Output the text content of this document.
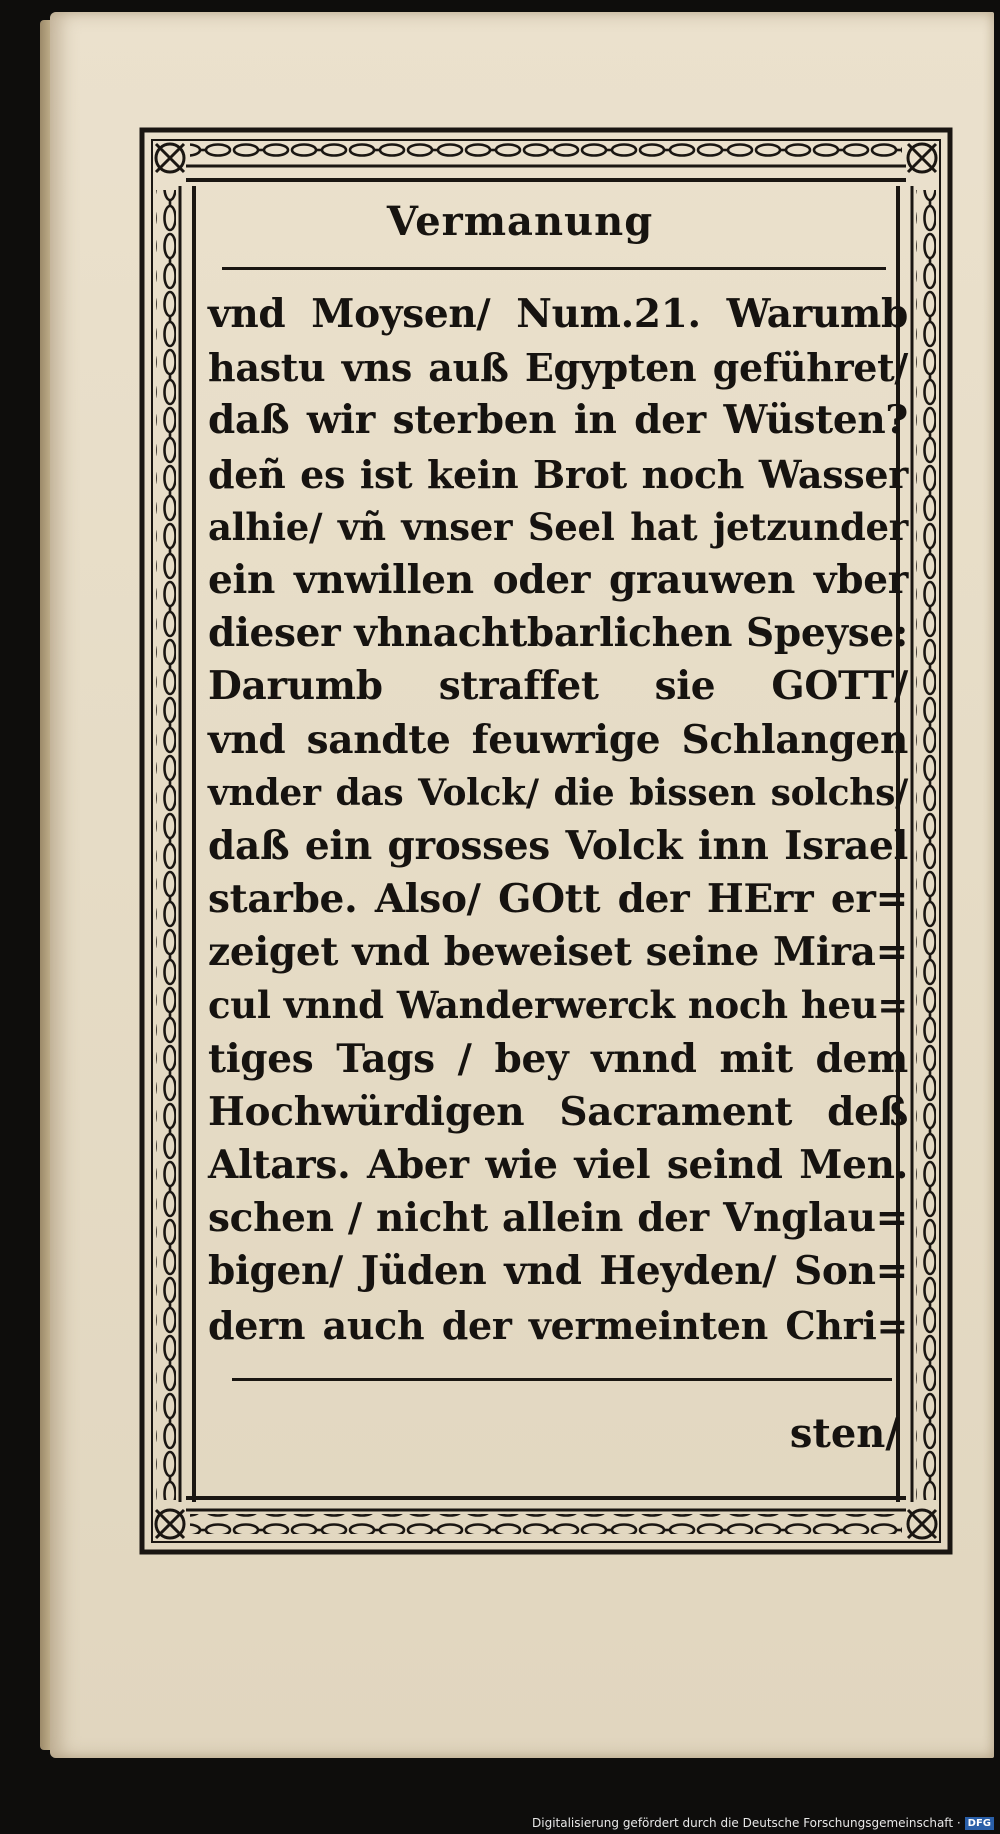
Vermanung
vnd Moysen/ Num.21. Warumb
hastu vns auß Egypten geführet/
daß wir sterben in der Wüsten?
deñ es ist kein Brot noch Wasser
alhie/ vñ vnser Seel hat jetzunder
ein vnwillen oder grauwen vber
dieser vhnachtbarlichen Speyse:
Darumb straffet sie GOTT/
vnd sandte feuwrige Schlangen
vnder das Volck/ die bissen solchs/
daß ein grosses Volck inn Israel
starbe. Also/ GOtt der HErr er=
zeiget vnd beweiset seine Mira=
cul vnnd Wanderwerck noch heu=
tiges Tags / bey vnnd mit dem
Hochwürdigen Sacrament deß
Altars. Aber wie viel seind Men.
schen / nicht allein der Vnglau=
bigen/ Jüden vnd Heyden/ Son=
dern auch der vermeinten Chri=
sten/
Digitalisierung gefördert durch die Deutsche Forschungsgemeinschaft · DFG
